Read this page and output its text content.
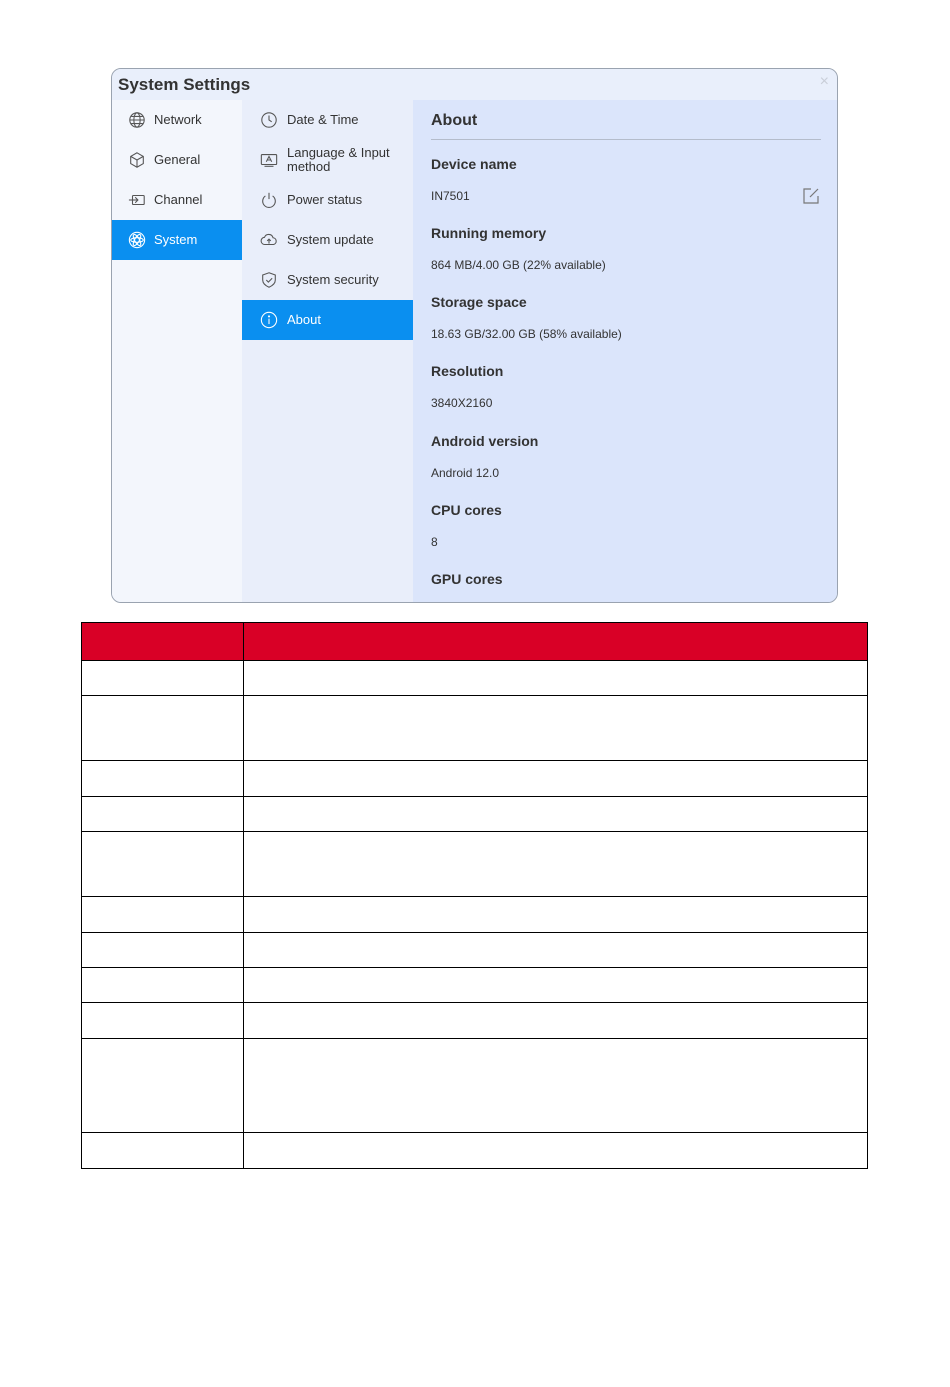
System Settings	×
Network
General
Channel
System
Date & Time
Language & Input
method
Power status
System update
System security
About
About
Device name
IN7501
Running memory
864 MB/4.00 GB (22% available)
Storage space
18.63 GB/32.00 GB (58% available)
Resolution
3840X2160
Android version
Android 12.0
CPU cores
8
GPU cores
